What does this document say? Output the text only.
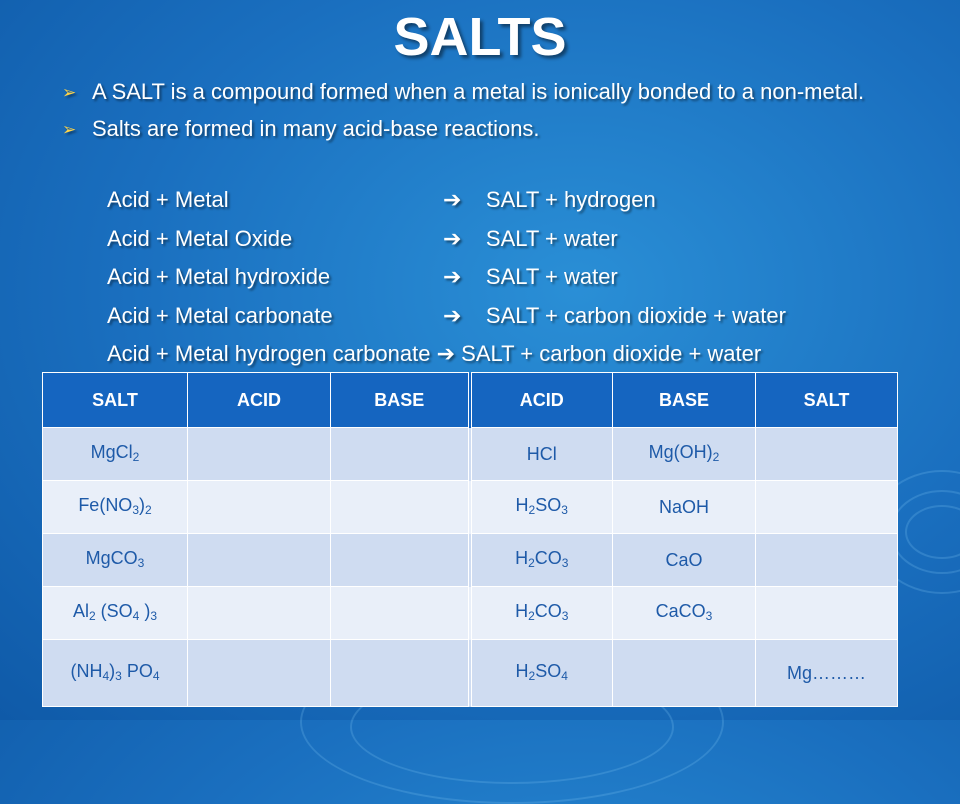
SALTS
➢ A SALT is a compound formed when a metal is ionically bonded to a non-metal.
➢ Salts are formed in many acid-base reactions.
Acid + Metal	➔ SALT + hydrogen
Acid + Metal Oxide	➔ SALT + water
Acid + Metal hydroxide	➔ SALT + water
Acid + Metal carbonate	➔ SALT + carbon dioxide + water
Acid + Metal hydrogen carbonate ➔ SALT + carbon dioxide + water
SALT	ACID	BASE	ACID	BASE	SALT
MgCl$_2$			HCl	$Mg(OH)_2$	
$Fe(NO_3)_2$			$H_2SO_3$	NaOH	
MgCO$_3$			$H_2CO_3$	CaO	
$Al_2$ ($SO_4$ )$_3$			$H_2CO_3$	CaCO$_3$	
$(NH_4)_3$ $PO_4$			$H_2SO_4$		Mg………
